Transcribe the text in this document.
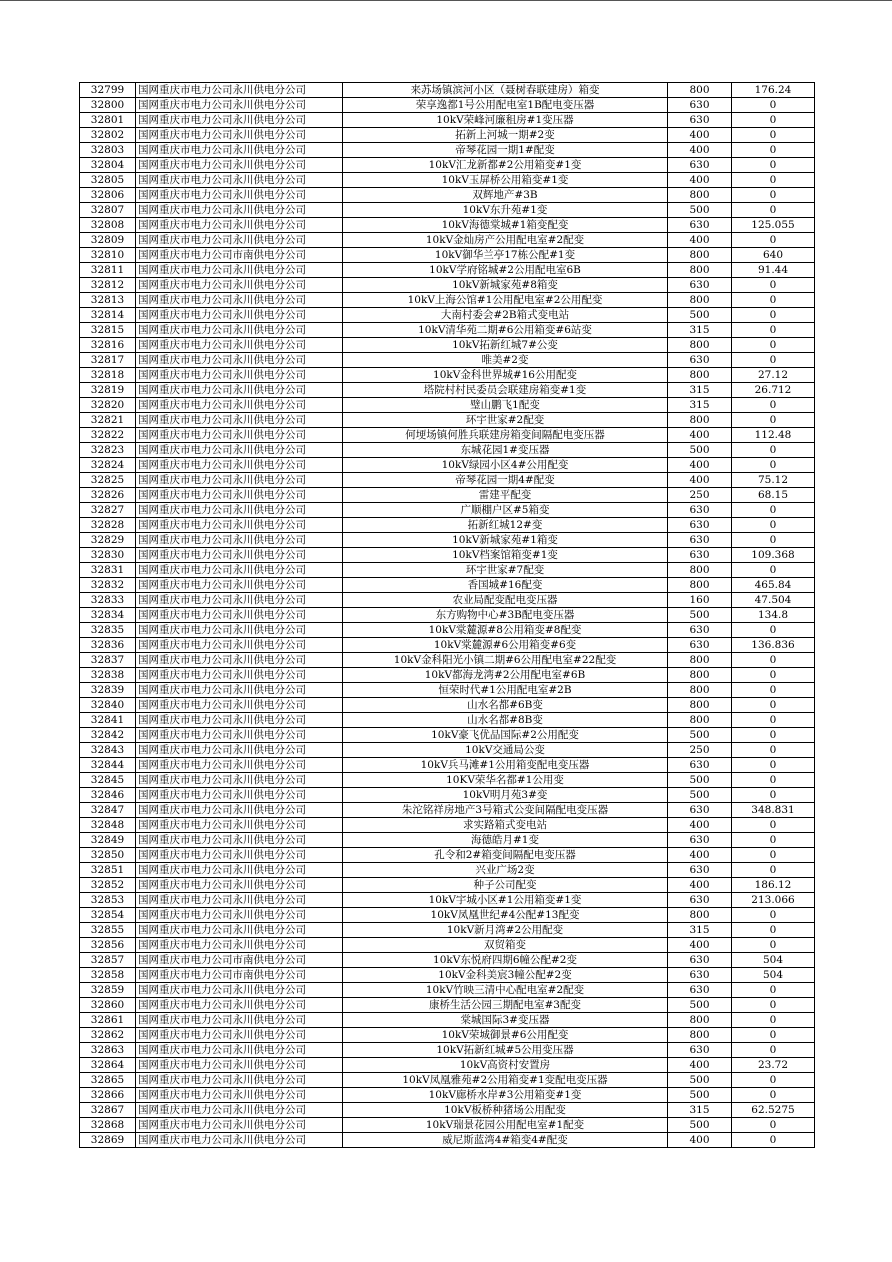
32799	国网重庆市电力公司永川供电分公司	来苏场镇滨河小区（聂树春联建房）箱变	800	176.24
32800	国网重庆市电力公司永川供电分公司	荣享逸都1号公用配电室1B配电变压器	630	0
32801	国网重庆市电力公司永川供电分公司	10kV荣峰河廉租房#1变压器	630	0
32802	国网重庆市电力公司永川供电分公司	拓新上河城一期#2变	400	0
32803	国网重庆市电力公司永川供电分公司	帝琴花园一期1#配变	400	0
32804	国网重庆市电力公司永川供电分公司	10kV汇龙新都#2公用箱变#1变	630	0
32805	国网重庆市电力公司永川供电分公司	10kV玉屏桥公用箱变#1变	400	0
32806	国网重庆市电力公司永川供电分公司	双辉地产#3B	800	0
32807	国网重庆市电力公司永川供电分公司	10kV东升苑#1变	500	0
32808	国网重庆市电力公司永川供电分公司	10kV海德棠城#1箱变配变	630	125.055
32809	国网重庆市电力公司永川供电分公司	10kV金灿房产公用配电室#2配变	400	0
32810	国网重庆市电力公司市南供电分公司	10kV御华兰亭17栋公配#1变	800	640
32811	国网重庆市电力公司永川供电分公司	10kV学府铭城#2公用配电室6B	800	91.44
32812	国网重庆市电力公司永川供电分公司	10kV新城家苑#8箱变	630	0
32813	国网重庆市电力公司永川供电分公司	10kV上海公馆#1公用配电室#2公用配变	800	0
32814	国网重庆市电力公司永川供电分公司	大南村委会#2B箱式变电站	500	0
32815	国网重庆市电力公司永川供电分公司	10kV清华苑二期#6公用箱变#6站变	315	0
32816	国网重庆市电力公司永川供电分公司	10kV拓新红城7#公变	800	0
32817	国网重庆市电力公司永川供电分公司	唯美#2变	630	0
32818	国网重庆市电力公司永川供电分公司	10kV金科世界城#16公用配变	800	27.12
32819	国网重庆市电力公司永川供电分公司	塔院村村民委员会联建房箱变#1变	315	26.712
32820	国网重庆市电力公司永川供电分公司	璧山鹏飞1配变	315	0
32821	国网重庆市电力公司永川供电分公司	环宇世家#2配变	800	0
32822	国网重庆市电力公司永川供电分公司	何埂场镇何胜兵联建房箱变间隔配电变压器	400	112.48
32823	国网重庆市电力公司永川供电分公司	东城花园1#变压器	500	0
32824	国网重庆市电力公司永川供电分公司	10kV绿园小区4#公用配变	400	0
32825	国网重庆市电力公司永川供电分公司	帝琴花园一期4#配变	400	75.12
32826	国网重庆市电力公司永川供电分公司	雷建平配变	250	68.15
32827	国网重庆市电力公司永川供电分公司	广顺棚户区#5箱变	630	0
32828	国网重庆市电力公司永川供电分公司	拓新红城12#变	630	0
32829	国网重庆市电力公司永川供电分公司	10kV新城家苑#1箱变	630	0
32830	国网重庆市电力公司永川供电分公司	10kV档案馆箱变#1变	630	109.368
32831	国网重庆市电力公司永川供电分公司	环宇世家#7配变	800	0
32832	国网重庆市电力公司永川供电分公司	香国城#16配变	800	465.84
32833	国网重庆市电力公司永川供电分公司	农业局配变配电变压器	160	47.504
32834	国网重庆市电力公司永川供电分公司	东方购物中心#3B配电变压器	500	134.8
32835	国网重庆市电力公司永川供电分公司	10kV棠麓源#8公用箱变#8配变	630	0
32836	国网重庆市电力公司永川供电分公司	10kV棠麓源#6公用箱变#6变	630	136.836
32837	国网重庆市电力公司永川供电分公司	10kV金科阳光小镇二期#6公用配电室#22配变	800	0
32838	国网重庆市电力公司永川供电分公司	10kV都海龙湾#2公用配电室#6B	800	0
32839	国网重庆市电力公司永川供电分公司	恒荣时代#1公用配电室#2B	800	0
32840	国网重庆市电力公司永川供电分公司	山水名都#6B变	800	0
32841	国网重庆市电力公司永川供电分公司	山水名都#8B变	800	0
32842	国网重庆市电力公司永川供电分公司	10kV豪飞优品国际#2公用配变	500	0
32843	国网重庆市电力公司永川供电分公司	10kV交通局公变	250	0
32844	国网重庆市电力公司永川供电分公司	10kV兵马滩#1公用箱变配电变压器	630	0
32845	国网重庆市电力公司永川供电分公司	10KV荣华名都#1公用变	500	0
32846	国网重庆市电力公司永川供电分公司	10kV明月苑3#变	500	0
32847	国网重庆市电力公司永川供电分公司	朱沱铭祥房地产3号箱式公变间隔配电变压器	630	348.831
32848	国网重庆市电力公司永川供电分公司	求实路箱式变电站	400	0
32849	国网重庆市电力公司永川供电分公司	海德皓月#1变	630	0
32850	国网重庆市电力公司永川供电分公司	孔令和2#箱变间隔配电变压器	400	0
32851	国网重庆市电力公司永川供电分公司	兴业广场2变	630	0
32852	国网重庆市电力公司永川供电分公司	种子公司配变	400	186.12
32853	国网重庆市电力公司永川供电分公司	10kV宇城小区#1公用箱变#1变	630	213.066
32854	国网重庆市电力公司永川供电分公司	10kV凤凰世纪#4公配#13配变	800	0
32855	国网重庆市电力公司永川供电分公司	10kV新月湾#2公用配变	315	0
32856	国网重庆市电力公司永川供电分公司	双贸箱变	400	0
32857	国网重庆市电力公司市南供电分公司	10kV东悦府四期6幢公配#2变	630	504
32858	国网重庆市电力公司市南供电分公司	10kV金科美宸3幢公配#2变	630	504
32859	国网重庆市电力公司永川供电分公司	10kV竹映三清中心配电室#2配变	630	0
32860	国网重庆市电力公司永川供电分公司	康桥生活公园三期配电室#3配变	500	0
32861	国网重庆市电力公司永川供电分公司	棠城国际3#变压器	800	0
32862	国网重庆市电力公司永川供电分公司	10kV荣城御景#6公用配变	800	0
32863	国网重庆市电力公司永川供电分公司	10kV拓新红城#5公用变压器	630	0
32864	国网重庆市电力公司永川供电分公司	10kV高资村安置房	400	23.72
32865	国网重庆市电力公司永川供电分公司	10kV凤凰雅苑#2公用箱变#1变配电变压器	500	0
32866	国网重庆市电力公司永川供电分公司	10kV廊桥水岸#3公用箱变#1变	500	0
32867	国网重庆市电力公司永川供电分公司	10kV板桥种猪场公用配变	315	62.5275
32868	国网重庆市电力公司永川供电分公司	10kV瑞景花园公用配电室#1配变	500	0
32869	国网重庆市电力公司永川供电分公司	威尼斯蓝湾4#箱变4#配变	400	0
